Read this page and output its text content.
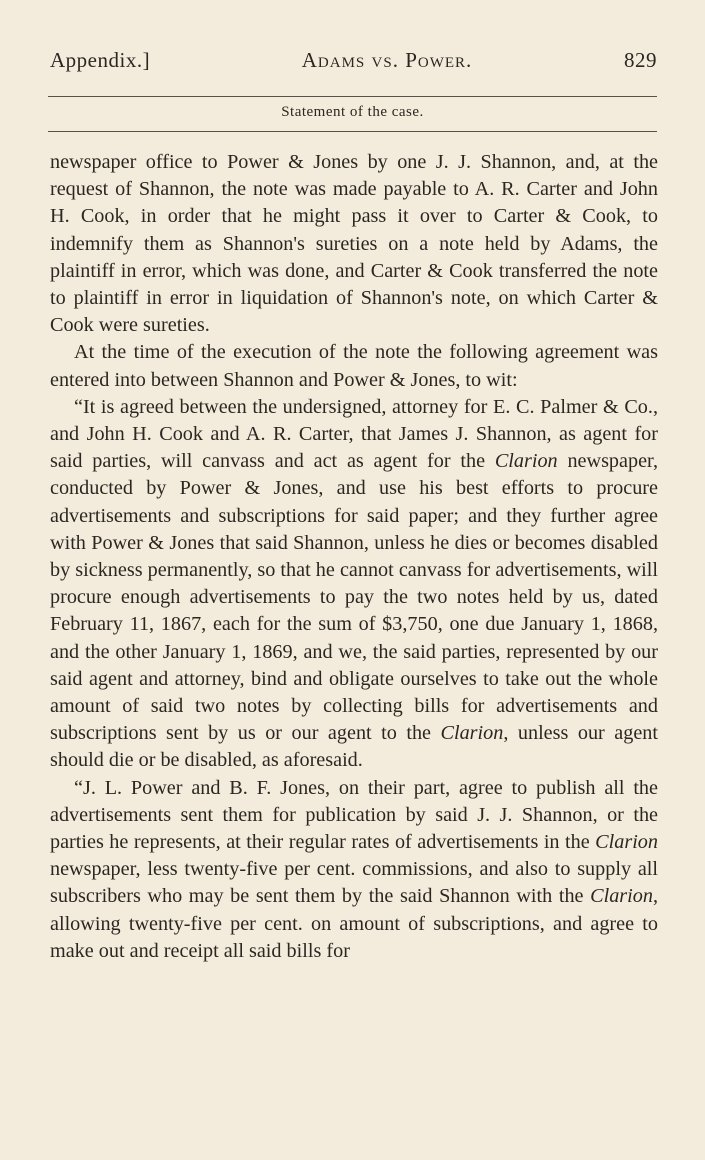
Appendix.]	Adams vs. Power.	829
Statement of the case.

newspaper office to Power & Jones by one J. J. Shannon, and, at the request of Shannon, the note was made payable to A. R. Carter and John H. Cook, in order that he might pass it over to Carter & Cook, to indemnify them as Shannon's sureties on a note held by Adams, the plaintiff in error, which was done, and Carter & Cook transferred the note to plaintiff in error in liquidation of Shannon's note, on which Carter & Cook were sureties.

At the time of the execution of the note the following agreement was entered into between Shannon and Power & Jones, to wit:

“It is agreed between the undersigned, attorney for E. C. Palmer & Co., and John H. Cook and A. R. Carter, that James J. Shannon, as agent for said parties, will canvass and act as agent for the Clarion newspaper, conducted by Power & Jones, and use his best efforts to procure advertisements and subscriptions for said paper; and they further agree with Power & Jones that said Shannon, unless he dies or becomes disabled by sickness permanently, so that he cannot canvass for advertisements, will procure enough advertisements to pay the two notes held by us, dated February 11, 1867, each for the sum of $3,750, one due January 1, 1868, and the other January 1, 1869, and we, the said parties, represented by our said agent and attorney, bind and obligate ourselves to take out the whole amount of said two notes by collecting bills for advertisements and subscriptions sent by us or our agent to the Clarion, unless our agent should die or be disabled, as aforesaid.

“J. L. Power and B. F. Jones, on their part, agree to publish all the advertisements sent them for publication by said J. J. Shannon, or the parties he represents, at their regular rates of advertisements in the Clarion newspaper, less twenty-five per cent. commissions, and also to supply all subscribers who may be sent them by the said Shannon with the Clarion, allowing twenty-five per cent. on amount of subscriptions, and agree to make out and receipt all said bills for
